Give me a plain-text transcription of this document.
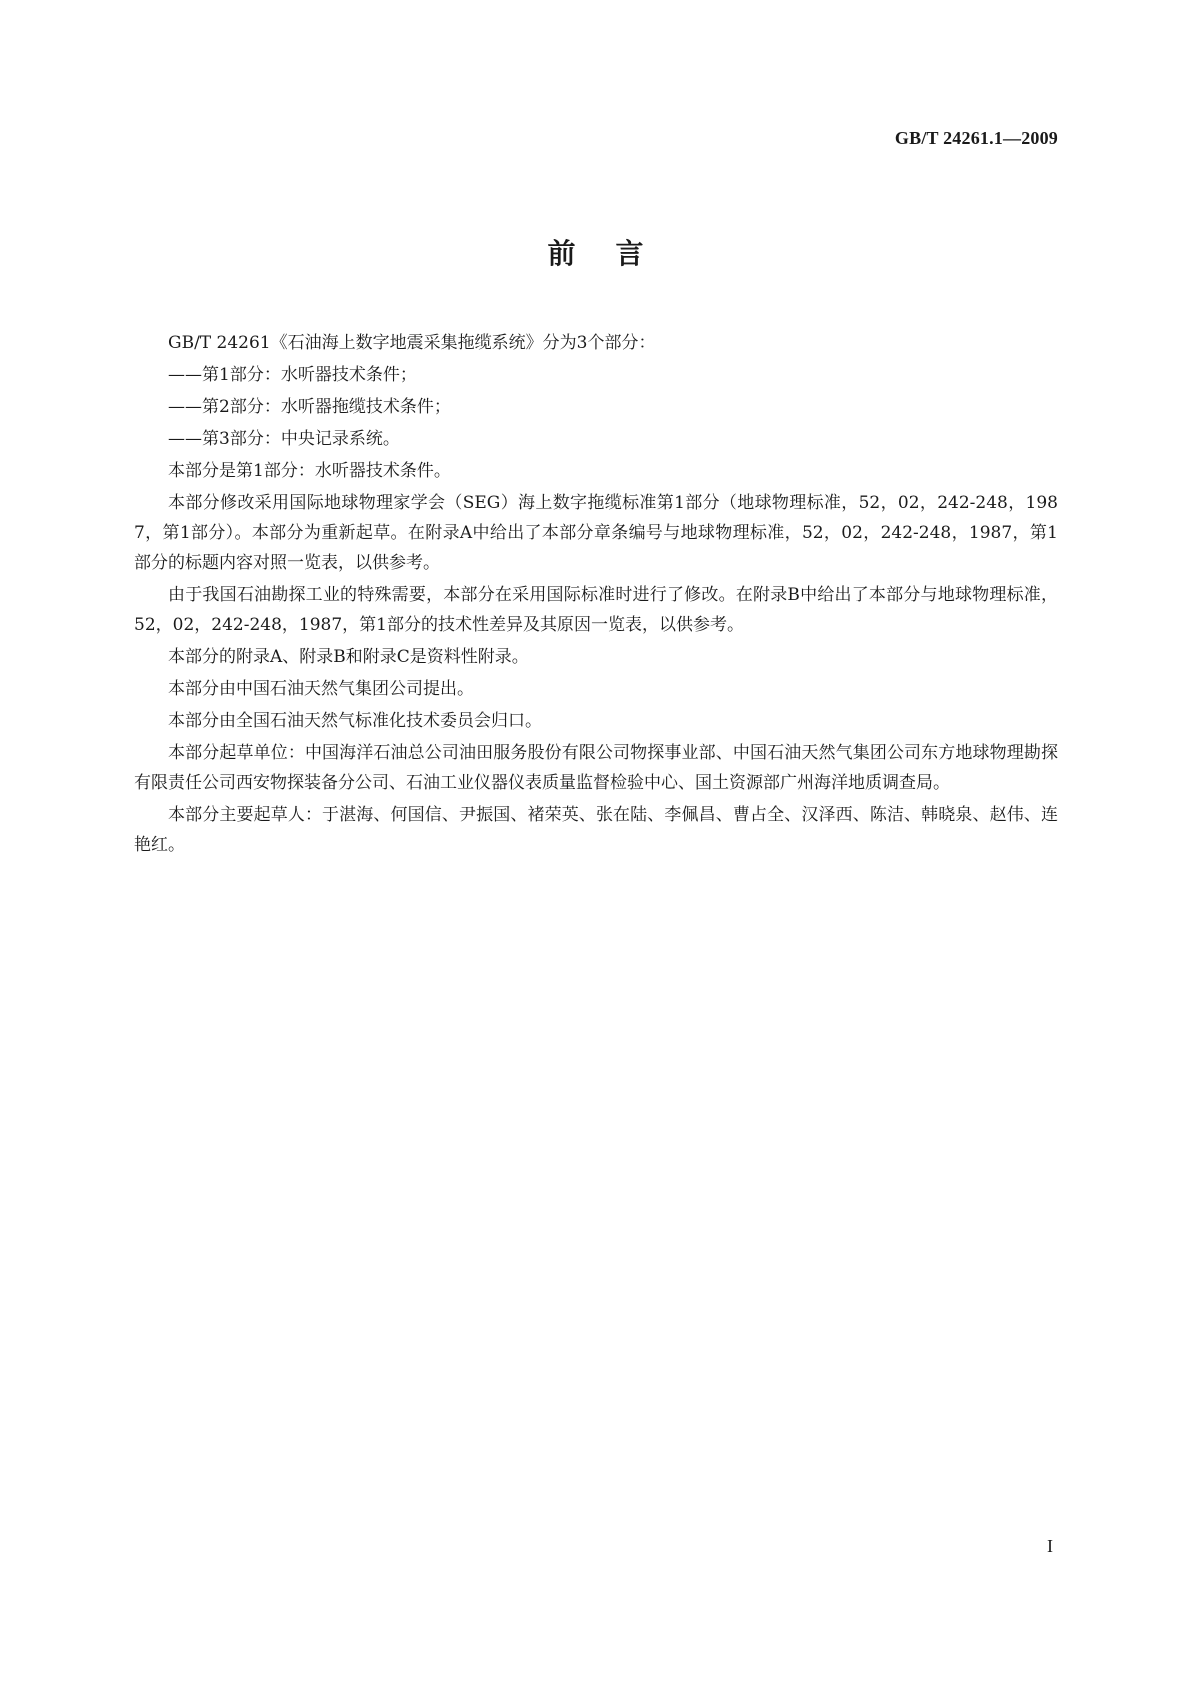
GB/T 24261.1—2009
前言

GB/T 24261《石油海上数字地震采集拖缆系统》分为3个部分：

——第1部分：水听器技术条件；

——第2部分：水听器拖缆技术条件；

——第3部分：中央记录系统。

本部分是第1部分：水听器技术条件。

本部分修改采用国际地球物理家学会（SEG）海上数字拖缆标准第1部分（地球物理标准，52，02，242-248，1987，第1部分）。本部分为重新起草。在附录A中给出了本部分章条编号与地球物理标准，52，02，242-248，1987，第1部分的标题内容对照一览表，以供参考。

由于我国石油勘探工业的特殊需要，本部分在采用国际标准时进行了修改。在附录B中给出了本部分与地球物理标准，52，02，242-248，1987，第1部分的技术性差异及其原因一览表，以供参考。

本部分的附录A、附录B和附录C是资料性附录。

本部分由中国石油天然气集团公司提出。

本部分由全国石油天然气标准化技术委员会归口。

本部分起草单位：中国海洋石油总公司油田服务股份有限公司物探事业部、中国石油天然气集团公司东方地球物理勘探有限责任公司西安物探装备分公司、石油工业仪器仪表质量监督检验中心、国土资源部广州海洋地质调查局。

本部分主要起草人：于湛海、何国信、尹振国、褚荣英、张在陆、李佩昌、曹占全、汉泽西、陈洁、韩晓泉、赵伟、连艳红。

I
